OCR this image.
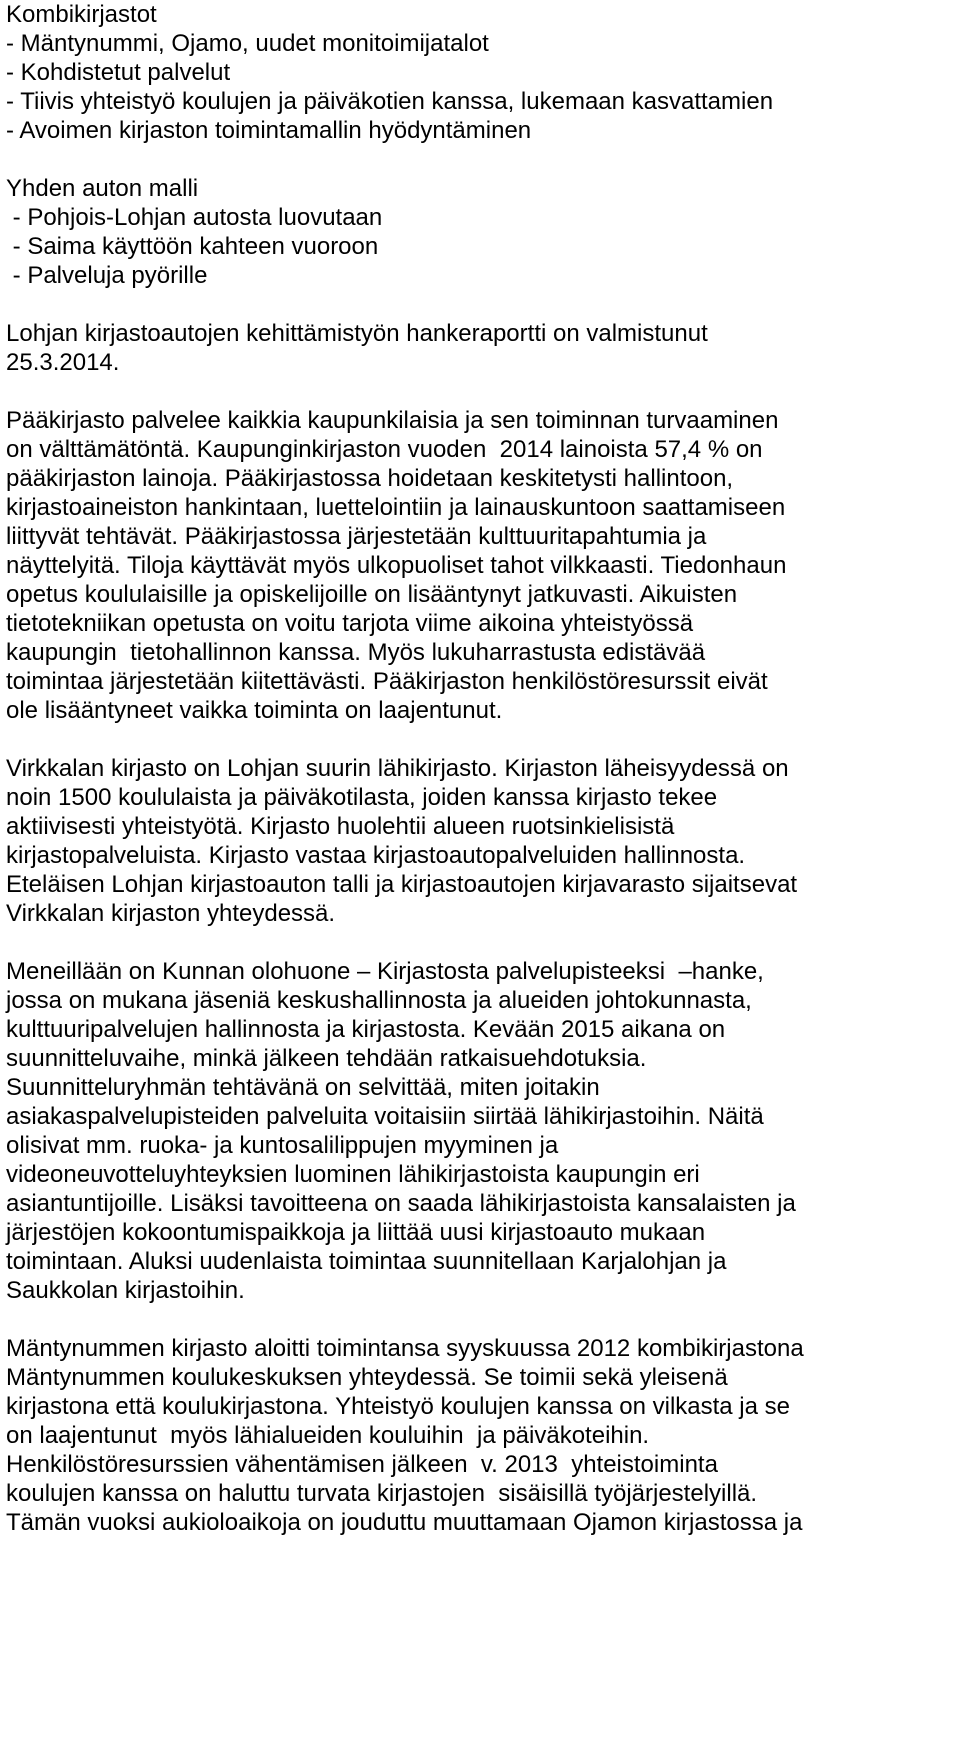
Kombikirjastot
- Mäntynummi, Ojamo, uudet monitoimijatalot
- Kohdistetut palvelut
- Tiivis yhteistyö koulujen ja päiväkotien kanssa, lukemaan kasvattamien
- Avoimen kirjaston toimintamallin hyödyntäminen
Yhden auton malli
- Pohjois-Lohjan autosta luovutaan
- Saima käyttöön kahteen vuoroon
- Palveluja pyörille
Lohjan kirjastoautojen kehittämistyön hankeraportti on valmistunut
25.3.2014.
Pääkirjasto palvelee kaikkia kaupunkilaisia ja sen toiminnan turvaaminen
on välttämätöntä. Kaupunginkirjaston vuoden  2014 lainoista 57,4 % on
pääkirjaston lainoja. Pääkirjastossa hoidetaan keskitetysti hallintoon,
kirjastoaineiston hankintaan, luettelointiin ja lainauskuntoon saattamiseen
liittyvät tehtävät. Pääkirjastossa järjestetään kulttuuritapahtumia ja
näyttelyitä. Tiloja käyttävät myös ulkopuoliset tahot vilkkaasti. Tiedonhaun
opetus koululaisille ja opiskelijoille on lisääntynyt jatkuvasti. Aikuisten
tietotekniikan opetusta on voitu tarjota viime aikoina yhteistyössä
kaupungin  tietohallinnon kanssa. Myös lukuharrastusta edistävää
toimintaa järjestetään kiitettävästi. Pääkirjaston henkilöstöresurssit eivät
ole lisääntyneet vaikka toiminta on laajentunut.
Virkkalan kirjasto on Lohjan suurin lähikirjasto. Kirjaston läheisyydessä on
noin 1500 koululaista ja päiväkotilasta, joiden kanssa kirjasto tekee
aktiivisesti yhteistyötä. Kirjasto huolehtii alueen ruotsinkielisistä
kirjastopalveluista. Kirjasto vastaa kirjastoautopalveluiden hallinnosta.
Eteläisen Lohjan kirjastoauton talli ja kirjastoautojen kirjavarasto sijaitsevat
Virkkalan kirjaston yhteydessä.
Meneillään on Kunnan olohuone – Kirjastosta palvelupisteeksi  –hanke,
jossa on mukana jäseniä keskushallinnosta ja alueiden johtokunnasta,
kulttuuripalvelujen hallinnosta ja kirjastosta. Kevään 2015 aikana on
suunnitteluvaihe, minkä jälkeen tehdään ratkaisuehdotuksia.
Suunnitteluryhmän tehtävänä on selvittää, miten joitakin
asiakaspalvelupisteiden palveluita voitaisiin siirtää lähikirjastoihin. Näitä
olisivat mm. ruoka- ja kuntosalilippujen myyminen ja
videoneuvotteluyhteyksien luominen lähikirjastoista kaupungin eri
asiantuntijoille. Lisäksi tavoitteena on saada lähikirjastoista kansalaisten ja
järjestöjen kokoontumispaikkoja ja liittää uusi kirjastoauto mukaan
toimintaan. Aluksi uudenlaista toimintaa suunnitellaan Karjalohjan ja
Saukkolan kirjastoihin.
Mäntynummen kirjasto aloitti toimintansa syyskuussa 2012 kombikirjastona
Mäntynummen koulukeskuksen yhteydessä. Se toimii sekä yleisenä
kirjastona että koulukirjastona. Yhteistyö koulujen kanssa on vilkasta ja se
on laajentunut  myös lähialueiden kouluihin  ja päiväkoteihin.
Henkilöstöresurssien vähentämisen jälkeen  v. 2013  yhteistoiminta
koulujen kanssa on haluttu turvata kirjastojen  sisäisillä työjärjestelyillä.
Tämän vuoksi aukioloaikoja on jouduttu muuttamaan Ojamon kirjastossa ja
